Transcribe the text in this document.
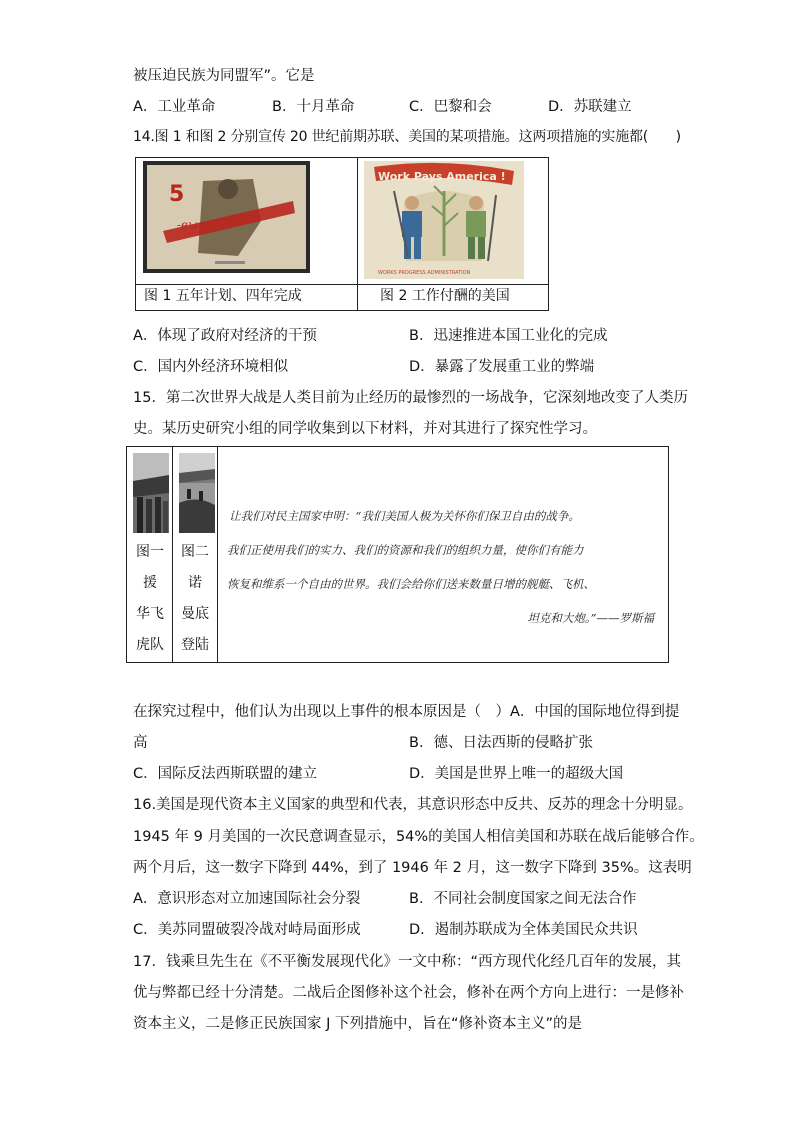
被压迫民族为同盟军”。它是
A．工业革命	B．十月革命	C．巴黎和会	D．苏联建立
14.图 1 和图 2 分别宣传 20 世纪前期苏联、美国的某项措施。这两项措施的实施都(　　)
5
-выпо
Work Pays America !
WORKS PROGRESS ADMINISTRATION
图 1 五年计划、四年完成	图 2 工作付酬的美国
A．体现了政府对经济的干预	B．迅速推进本国工业化的完成
C．国内外经济环境相似	D．暴露了发展重工业的弊端
15．第二次世界大战是人类目前为止经历的最惨烈的一场战争，它深刻地改变了人类历
史。某历史研究小组的同学收集到以下材料，并对其进行了探究性学习。
图一
援
华飞
虎队
图二
诺
曼底
登陆
让我们对民主国家申明：“我们美国人极为关怀你们保卫自由的战争。
我们正使用我们的实力、我们的资源和我们的组织力量，使你们有能力
恢复和维系一个自由的世界。我们会给你们送来数量日增的舰艇、飞机、
坦克和大炮。”——罗斯福
在探究过程中，他们认为出现以上事件的根本原因是（　）A．中国的国际地位得到提
高	B．德、日法西斯的侵略扩张
C．国际反法西斯联盟的建立	D．美国是世界上唯一的超级大国
16.美国是现代资本主义国家的典型和代表，其意识形态中反共、反苏的理念十分明显。
1945 年 9 月美国的一次民意调查显示，54%的美国人相信美国和苏联在战后能够合作。
两个月后，这一数字下降到 44%，到了 1946 年 2 月，这一数字下降到 35%。这表明
A．意识形态对立加速国际社会分裂	B．不同社会制度国家之间无法合作
C．美苏同盟破裂冷战对峙局面形成	D．遏制苏联成为全体美国民众共识
17．钱乘旦先生在《不平衡发展现代化》一文中称：“西方现代化经几百年的发展，其
优与弊都已经十分清楚。二战后企图修补这个社会，修补在两个方向上进行：一是修补
资本主义，二是修正民族国家 J 下列措施中，旨在“修补资本主义”的是
